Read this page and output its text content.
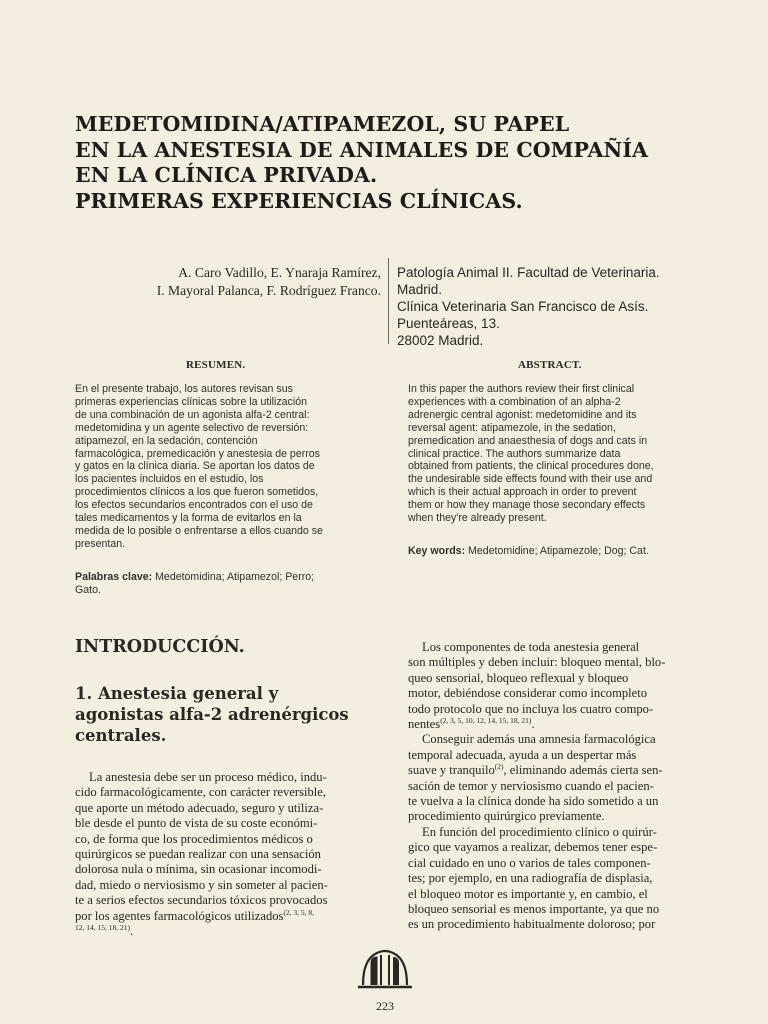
MEDETOMIDINA/ATIPAMEZOL, SU PAPEL
EN LA ANESTESIA DE ANIMALES DE COMPAÑÍA
EN LA CLÍNICA PRIVADA.
PRIMERAS EXPERIENCIAS CLÍNICAS.
A. Caro Vadillo, E. Ynaraja Ramírez,
I. Mayoral Palanca, F. Rodríguez Franco.
Patología Animal II. Facultad de Veterinaria.
Madrid.
Clínica Veterinaria San Francisco de Asís.
Puenteáreas, 13.
28002 Madrid.
RESUMEN.
En el presente trabajo, los autores revisan sus
primeras experiencias clínicas sobre la utilización
de una combinación de un agonista alfa-2 central:
medetomidina y un agente selectivo de reversión:
atipamezol, en la sedación, contención
farmacológica, premedicación y anestesia de perros
y gatos en la clínica diaria. Se aportan los datos de
los pacientes incluidos en el estudio, los
procedimientos clínicos a los que fueron sometidos,
los efectos secundarios encontrados con el uso de
tales medicamentos y la forma de evitarlos en la
medida de lo posible o enfrentarse a ellos cuando se
presentan.
Palabras clave: Medetomidina; Atipamezol; Perro;
Gato.
ABSTRACT.
In this paper the authors review their first clinical
experiences with a combination of an alpha-2
adrenergic central agonist: medetomidine and its
reversal agent: atipamezole, in the sedation,
premedication and anaesthesia of dogs and cats in
clinical practice. The authors summarize data
obtained from patients, the clinical procedures done,
the undesirable side effects found with their use and
which is their actual approach in order to prevent
them or how they manage those secondary effects
when they're already present.
Key words: Medetomidine; Atipamezole; Dog; Cat.
INTRODUCCIÓN.
1. Anestesia general y
agonistas alfa-2 adrenérgicos
centrales.
La anestesia debe ser un proceso médico, indu-
cido farmacológicamente, con carácter reversible,
que aporte un método adecuado, seguro y utiliza-
ble desde el punto de vista de su coste económi-
co, de forma que los procedimientos médicos o
quirúrgicos se puedan realizar con una sensación
dolorosa nula o mínima, sin ocasionar incomodi-
dad, miedo o nerviosismo y sin someter al pacien-
te a serios efectos secundarios tóxicos provocados
por los agentes farmacológicos utilizados$^{(2, 3, 5, 8,}$
$^{12, 14, 15, 18, 21)}$.
Los componentes de toda anestesia general
son múltiples y deben incluir: bloqueo mental, blo-
queo sensorial, bloqueo reflexual y bloqueo
motor, debiéndose considerar como incompleto
todo protocolo que no incluya los cuatro compo-
nentes$^{(2, 3, 5, 10, 12, 14, 15, 18, 21)}$.
Conseguir además una amnesia farmacológica
temporal adecuada, ayuda a un despertar más
suave y tranquilo$^{(2)}$, eliminando además cierta sen-
sación de temor y nerviosismo cuando el pacien-
te vuelva a la clínica donde ha sido sometido a un
procedimiento quirúrgico previamente.
En función del procedimiento clínico o quirúr-
gico que vayamos a realizar, debemos tener espe-
cial cuidado en uno o varios de tales componen-
tes; por ejemplo, en una radiografía de displasia,
el bloqueo motor es importante y, en cambio, el
bloqueo sensorial es menos importante, ya que no
es un procedimiento habitualmente doloroso; por
223
